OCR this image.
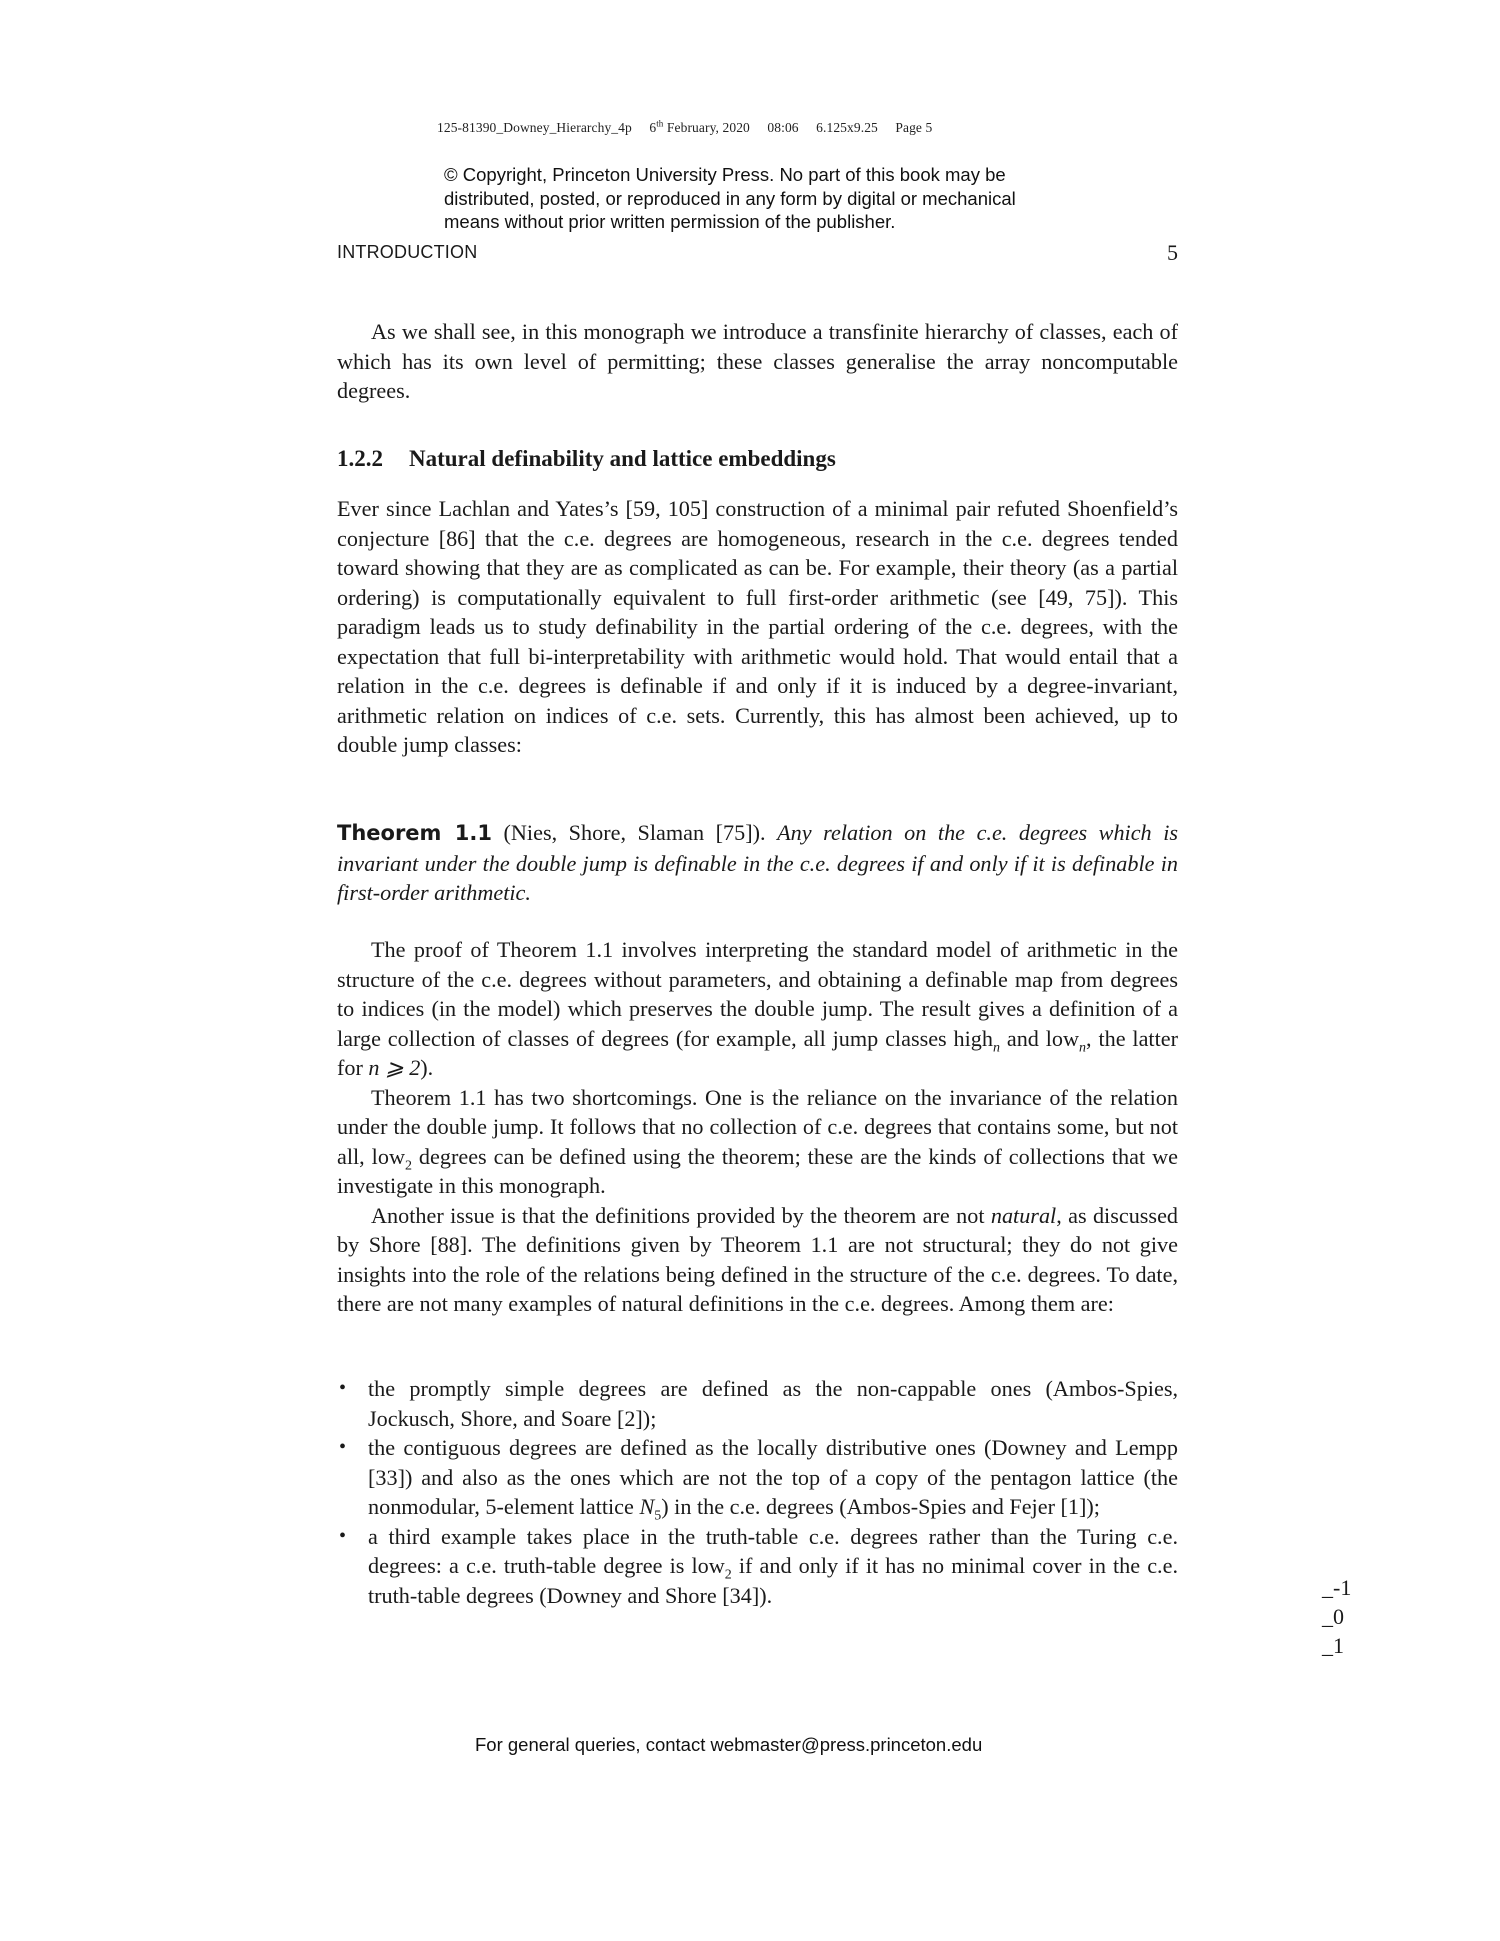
125-81390_Downey_Hierarchy_4p 6th February, 2020 08:06 6.125x9.25 Page 5
© Copyright, Princeton University Press. No part of this book may be
distributed, posted, or reproduced in any form by digital or mechanical
means without prior written permission of the publisher.
INTRODUCTION	5

As we shall see, in this monograph we introduce a transfinite hierarchy of classes, each of which has its own level of permitting; these classes generalise the array noncomputable degrees.

1.2.2 Natural definability and lattice embeddings

Ever since Lachlan and Yates’s [59, 105] construction of a minimal pair refuted Shoenfield’s conjecture [86] that the c.e. degrees are homogeneous, research in the c.e. degrees tended toward showing that they are as complicated as can be. For example, their theory (as a partial ordering) is computationally equivalent to full first-order arithmetic (see [49, 75]). This paradigm leads us to study definability in the partial ordering of the c.e. degrees, with the expectation that full bi-interpretability with arithmetic would hold. That would entail that a relation in the c.e. degrees is definable if and only if it is induced by a degree-invariant, arithmetic relation on indices of c.e. sets. Currently, this has almost been achieved, up to double jump classes:

Theorem 1.1 (Nies, Shore, Slaman [75]). Any relation on the c.e. degrees which is invariant under the double jump is definable in the c.e. degrees if and only if it is definable in first-order arithmetic.

The proof of Theorem 1.1 involves interpreting the standard model of arithmetic in the structure of the c.e. degrees without parameters, and obtaining a definable map from degrees to indices (in the model) which preserves the double jump. The result gives a definition of a large collection of classes of degrees (for example, all jump classes high$_n$ and low$_n$, the latter for n ⩾ 2).

Theorem 1.1 has two shortcomings. One is the reliance on the invariance of the relation under the double jump. It follows that no collection of c.e. degrees that contains some, but not all, low$_2$ degrees can be defined using the theorem; these are the kinds of collections that we investigate in this monograph.

Another issue is that the definitions provided by the theorem are not natural, as discussed by Shore [88]. The definitions given by Theorem 1.1 are not structural; they do not give insights into the role of the relations being defined in the structure of the c.e. degrees. To date, there are not many examples of natural definitions in the c.e. degrees. Among them are:

• the promptly simple degrees are defined as the non-cappable ones (Ambos-Spies, Jockusch, Shore, and Soare [2]);
• the contiguous degrees are defined as the locally distributive ones (Downey and Lempp [33]) and also as the ones which are not the top of a copy of the pentagon lattice (the nonmodular, 5-element lattice $N_5$) in the c.e. degrees (Ambos-Spies and Fejer [1]);
• a third example takes place in the truth-table c.e. degrees rather than the Turing c.e. degrees: a c.e. truth-table degree is low$_2$ if and only if it has no minimal cover in the c.e. truth-table degrees (Downey and Shore [34]).	_-1
_0
_1
For general queries, contact webmaster@press.princeton.edu
